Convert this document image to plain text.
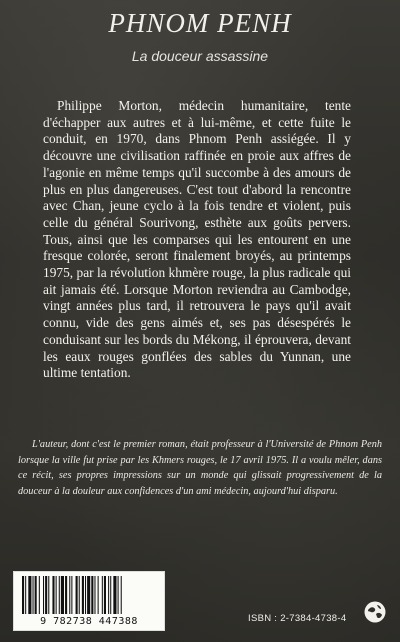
PHNOM PENH
La douceur assassine
Philippe Morton, médecin humanitaire, tente d'échapper aux autres et à lui-même, et cette fuite le conduit, en 1970, dans Phnom Penh assiégée. Il y découvre une civilisation raffinée en proie aux affres de l'agonie en même temps qu'il succombe à des amours de plus en plus dangereuses. C'est tout d'abord la rencontre avec Chan, jeune cyclo à la fois tendre et violent, puis celle du général Sourivong, esthète aux goûts pervers. Tous, ainsi que les comparses qui les entourent en une fresque colorée, seront finalement broyés, au printemps 1975, par la révolution khmère rouge, la plus radicale qui ait jamais été. Lorsque Morton reviendra au Cambodge, vingt années plus tard, il retrouvera le pays qu'il avait connu, vide des gens aimés et, ses pas désespérés le conduisant sur les bords du Mékong, il éprouvera, devant les eaux rouges gonflées des sables du Yunnan, une ultime tentation.
L'auteur, dont c'est le premier roman, était professeur à l'Université de Phnom Penh lorsque la ville fut prise par les Khmers rouges, le 17 avril 1975. Il a voulu mêler, dans ce récit, ses propres impressions sur un monde qui glissait progressivement de la douceur à la douleur aux confidences d'un ami médecin, aujourd'hui disparu.
9 782738 447388	ISBN : 2-7384-4738-4
